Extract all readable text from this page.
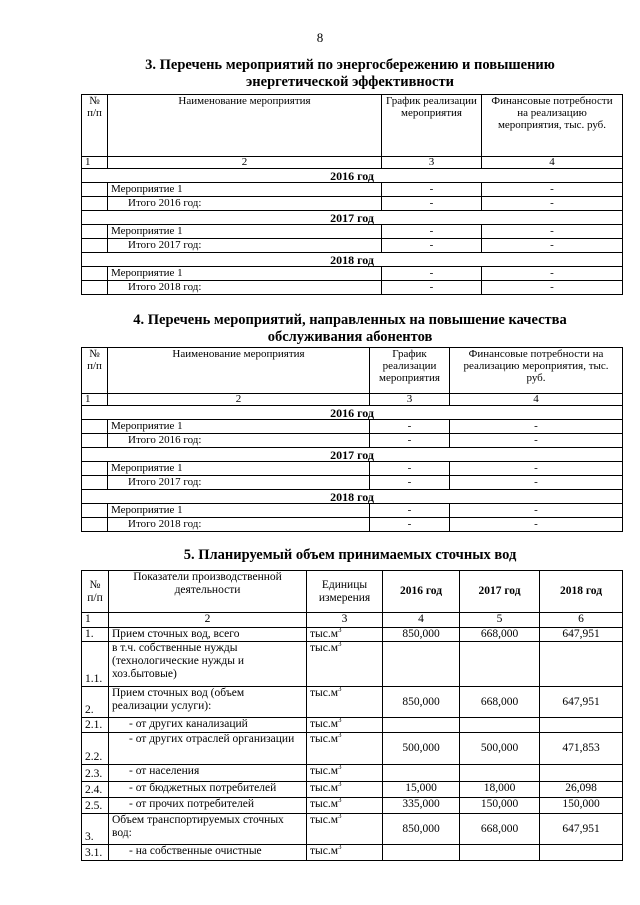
8
3. Перечень мероприятий по энергосбережению и повышению
энергетической эффективности
№ п/п	Наименование мероприятия	График реализации мероприятия	Финансовые потребности на реализацию мероприятия, тыс. руб.
1	2	3	4
2016 год			
	Мероприятие 1	-	-
	Итого 2016 год:	-	-
2017 год			
	Мероприятие 1	-	-
	Итого 2017 год:	-	-
2018 год			
	Мероприятие 1	-	-
	Итого 2018 год:	-	-
4. Перечень мероприятий, направленных на повышение качества
обслуживания абонентов
№ п/п	Наименование мероприятия	График реализации мероприятия	Финансовые потребности на реализацию мероприятия, тыс. руб.
1	2	3	4
2016 год			
	Мероприятие 1	-	-
	Итого 2016 год:	-	-
2017 год			
	Мероприятие 1	-	-
	Итого 2017 год:	-	-
2018 год			
	Мероприятие 1	-	-
	Итого 2018 год:	-	-
5. Планируемый объем принимаемых сточных вод
№ п/п	Показатели производственной деятельности	Единицы измерения	2016 год	2017 год	2018 год
1	2	3	4	5	6
1.	Прием сточных вод, всего	$тыс.м^3$	850,000	668,000	647,951
1.1.	в т.ч. собственные нужды (технологические нужды и хоз.бытовые)	$тыс.м^3$			
2.	Прием сточных вод (объем реализации услуги):	$тыс.м^3$	850,000	668,000	647,951
2.1.	- от других канализаций	$тыс.м^3$			
2.2.	- от других отраслей организации	$тыс.м^3$	500,000	500,000	471,853
2.3.	- от населения	$тыс.м^3$			
2.4.	- от бюджетных потребителей	$тыс.м^3$	15,000	18,000	26,098
2.5.	- от прочих потребителей	$тыс.м^3$	335,000	150,000	150,000
3.	Объем транспортируемых сточных вод:	$тыс.м^3$	850,000	668,000	647,951
3.1.	- на собственные очистные	$тыс.м^3$			
